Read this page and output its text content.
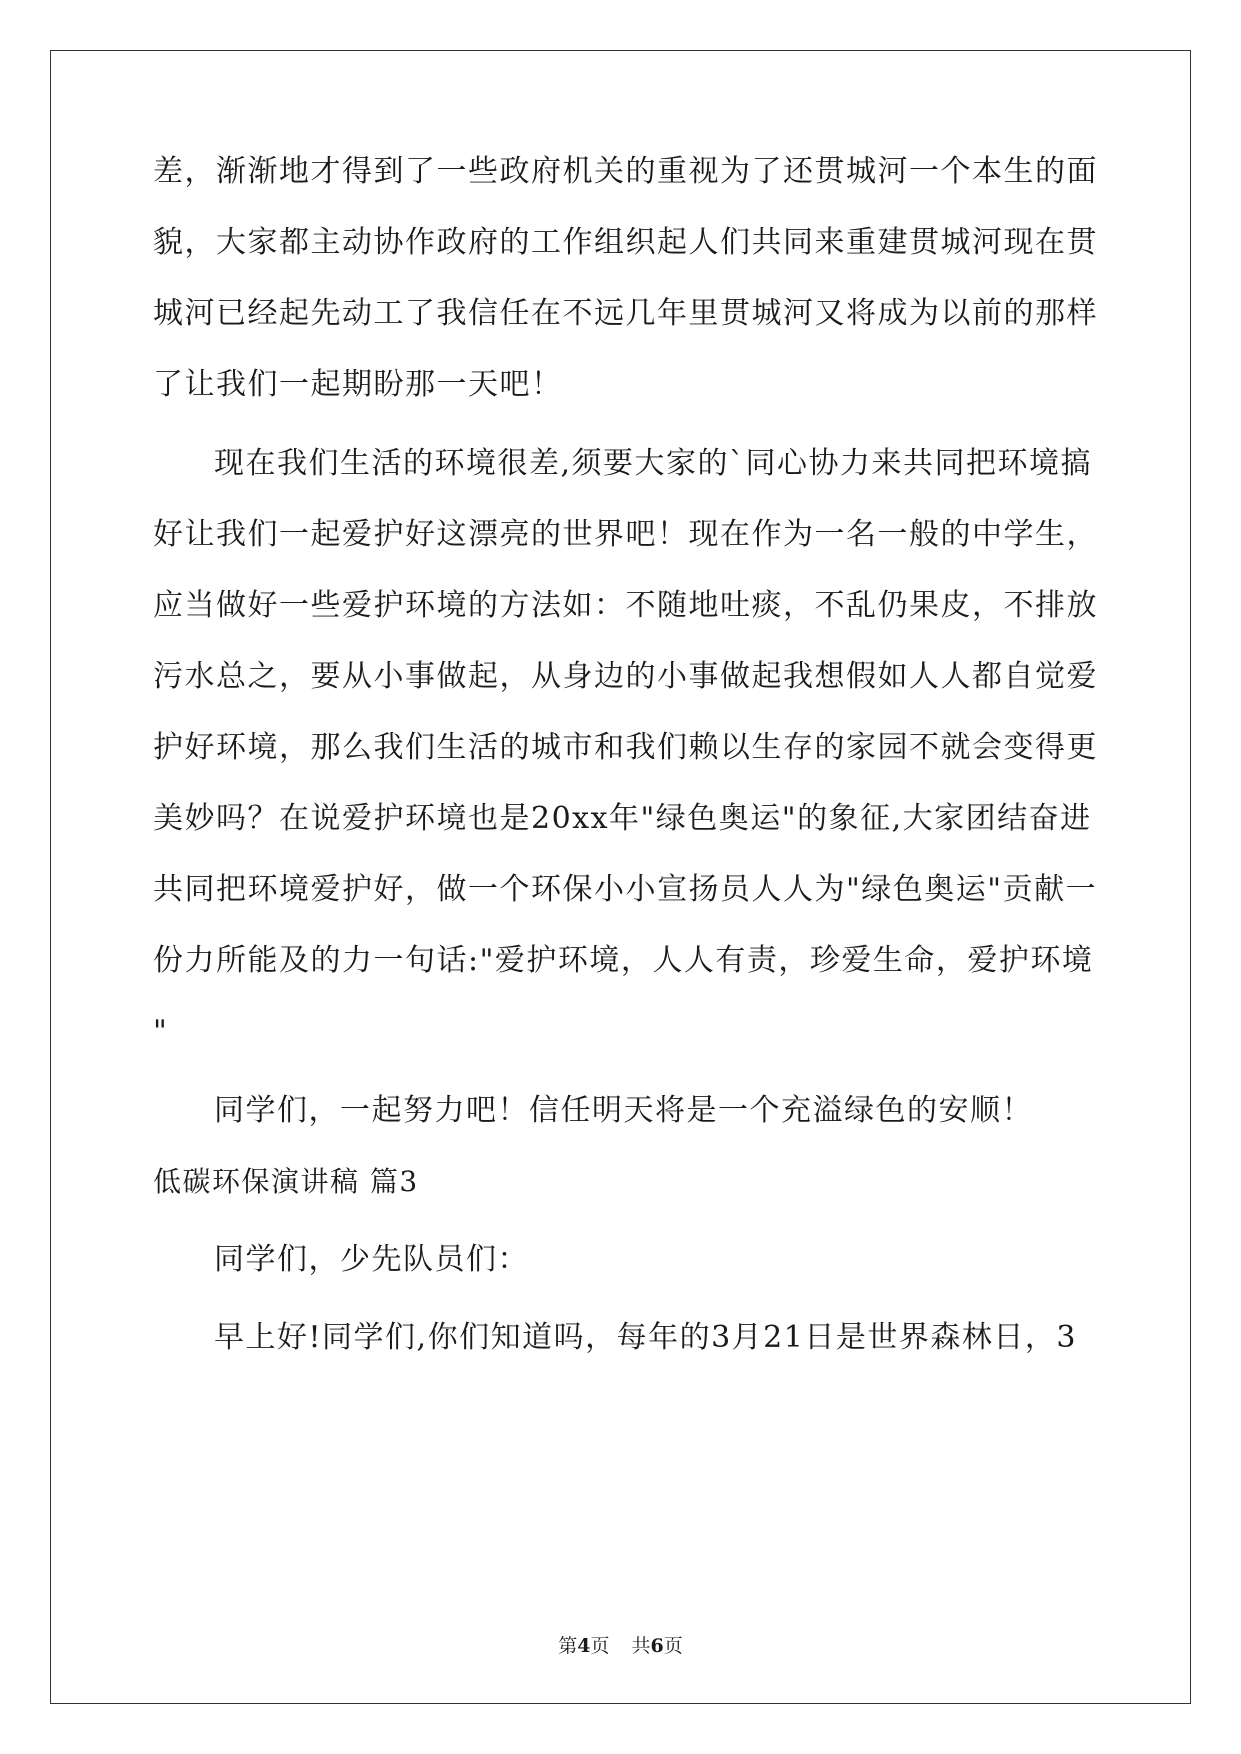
差，渐渐地才得到了一些政府机关的重视为了还贯城河一个本生的面
貌，大家都主动协作政府的工作组织起人们共同来重建贯城河现在贯
城河已经起先动工了我信任在不远几年里贯城河又将成为以前的那样
了让我们一起期盼那一天吧！
现在我们生活的环境很差,须要大家的`同心协力来共同把环境搞
好让我们一起爱护好这漂亮的世界吧！现在作为一名一般的中学生，
应当做好一些爱护环境的方法如：不随地吐痰，不乱仍果皮，不排放
污水总之，要从小事做起，从身边的小事做起我想假如人人都自觉爱
护好环境，那么我们生活的城市和我们赖以生存的家园不就会变得更
美妙吗？在说爱护环境也是20xx年"绿色奥运"的象征,大家团结奋进
共同把环境爱护好，做一个环保小小宣扬员人人为"绿色奥运"贡献一
份力所能及的力一句话:"爱护环境，人人有责，珍爱生命，爱护环境
"
同学们，一起努力吧！信任明天将是一个充溢绿色的安顺！
低碳环保演讲稿 篇3
同学们，少先队员们：
早上好!同学们,你们知道吗，每年的3月21日是世界森林日，3
第4页 共6页
